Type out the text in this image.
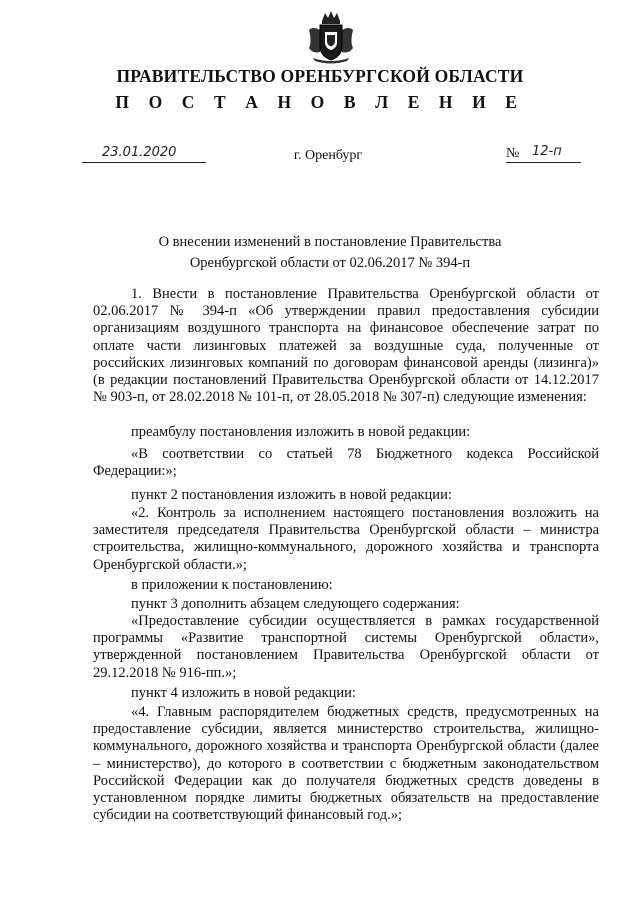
ПРАВИТЕЛЬСТВО ОРЕНБУРГСКОЙ ОБЛАСТИ
П О С Т А Н О В Л Е Н И Е
23.01.2020	г. Оренбург	№ 12-п
О внесении изменений в постановление Правительства Оренбургской области от 02.06.2017 № 394-п

1. Внести в постановление Правительства Оренбургской области от 02.06.2017 № 394-п «Об утверждении правил предоставления субсидии организациям воздушного транспорта на финансовое обеспечение затрат по оплате части лизинговых платежей за воздушные суда, полученные от российских лизинговых компаний по договорам финансовой аренды (лизинга)» (в редакции постановлений Правительства Оренбургской области от 14.12.2017 № 903-п, от 28.02.2018 № 101-п, от 28.05.2018 № 307-п) следующие изменения:

преамбулу постановления изложить в новой редакции:

«В соответствии со статьей 78 Бюджетного кодекса Российской Федерации:»;

пункт 2 постановления изложить в новой редакции:

«2. Контроль за исполнением настоящего постановления возложить на заместителя председателя Правительства Оренбургской области – министра строительства, жилищно-коммунального, дорожного хозяйства и транспорта Оренбургской области.»;

в приложении к постановлению:

пункт 3 дополнить абзацем следующего содержания:

«Предоставление субсидии осуществляется в рамках государственной программы «Развитие транспортной системы Оренбургской области», утвержденной постановлением Правительства Оренбургской области от 29.12.2018 № 916-пп.»;

пункт 4 изложить в новой редакции:

«4. Главным распорядителем бюджетных средств, предусмотренных на предоставление субсидии, является министерство строительства, жилищно-коммунального, дорожного хозяйства и транспорта Оренбургской области (далее – министерство), до которого в соответствии с бюджетным законодательством Российской Федерации как до получателя бюджетных средств доведены в установленном порядке лимиты бюджетных обязательств на предоставление субсидии на соответствующий финансовый год.»;
